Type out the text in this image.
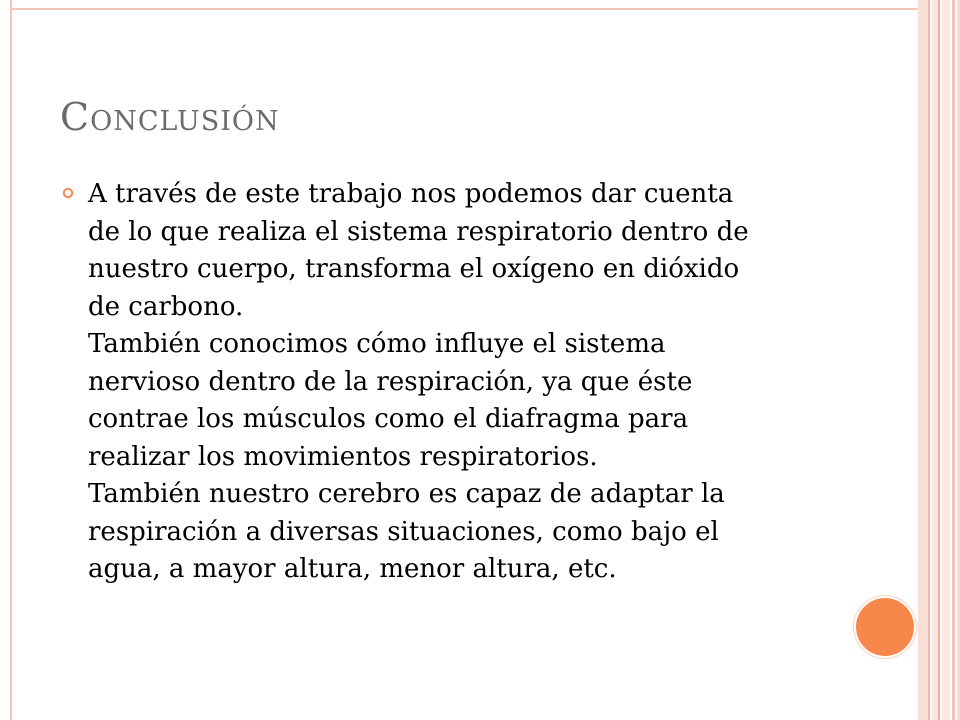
Conclusión

A través de este trabajo nos podemos dar cuenta
de lo que realiza el sistema respiratorio dentro de
nuestro cuerpo, transforma el oxígeno en dióxido
de carbono.
También conocimos cómo influye el sistema
nervioso dentro de la respiración, ya que éste
contrae los músculos como el diafragma para
realizar los movimientos respiratorios.
También nuestro cerebro es capaz de adaptar la
respiración a diversas situaciones, como bajo el
agua, a mayor altura, menor altura, etc.
